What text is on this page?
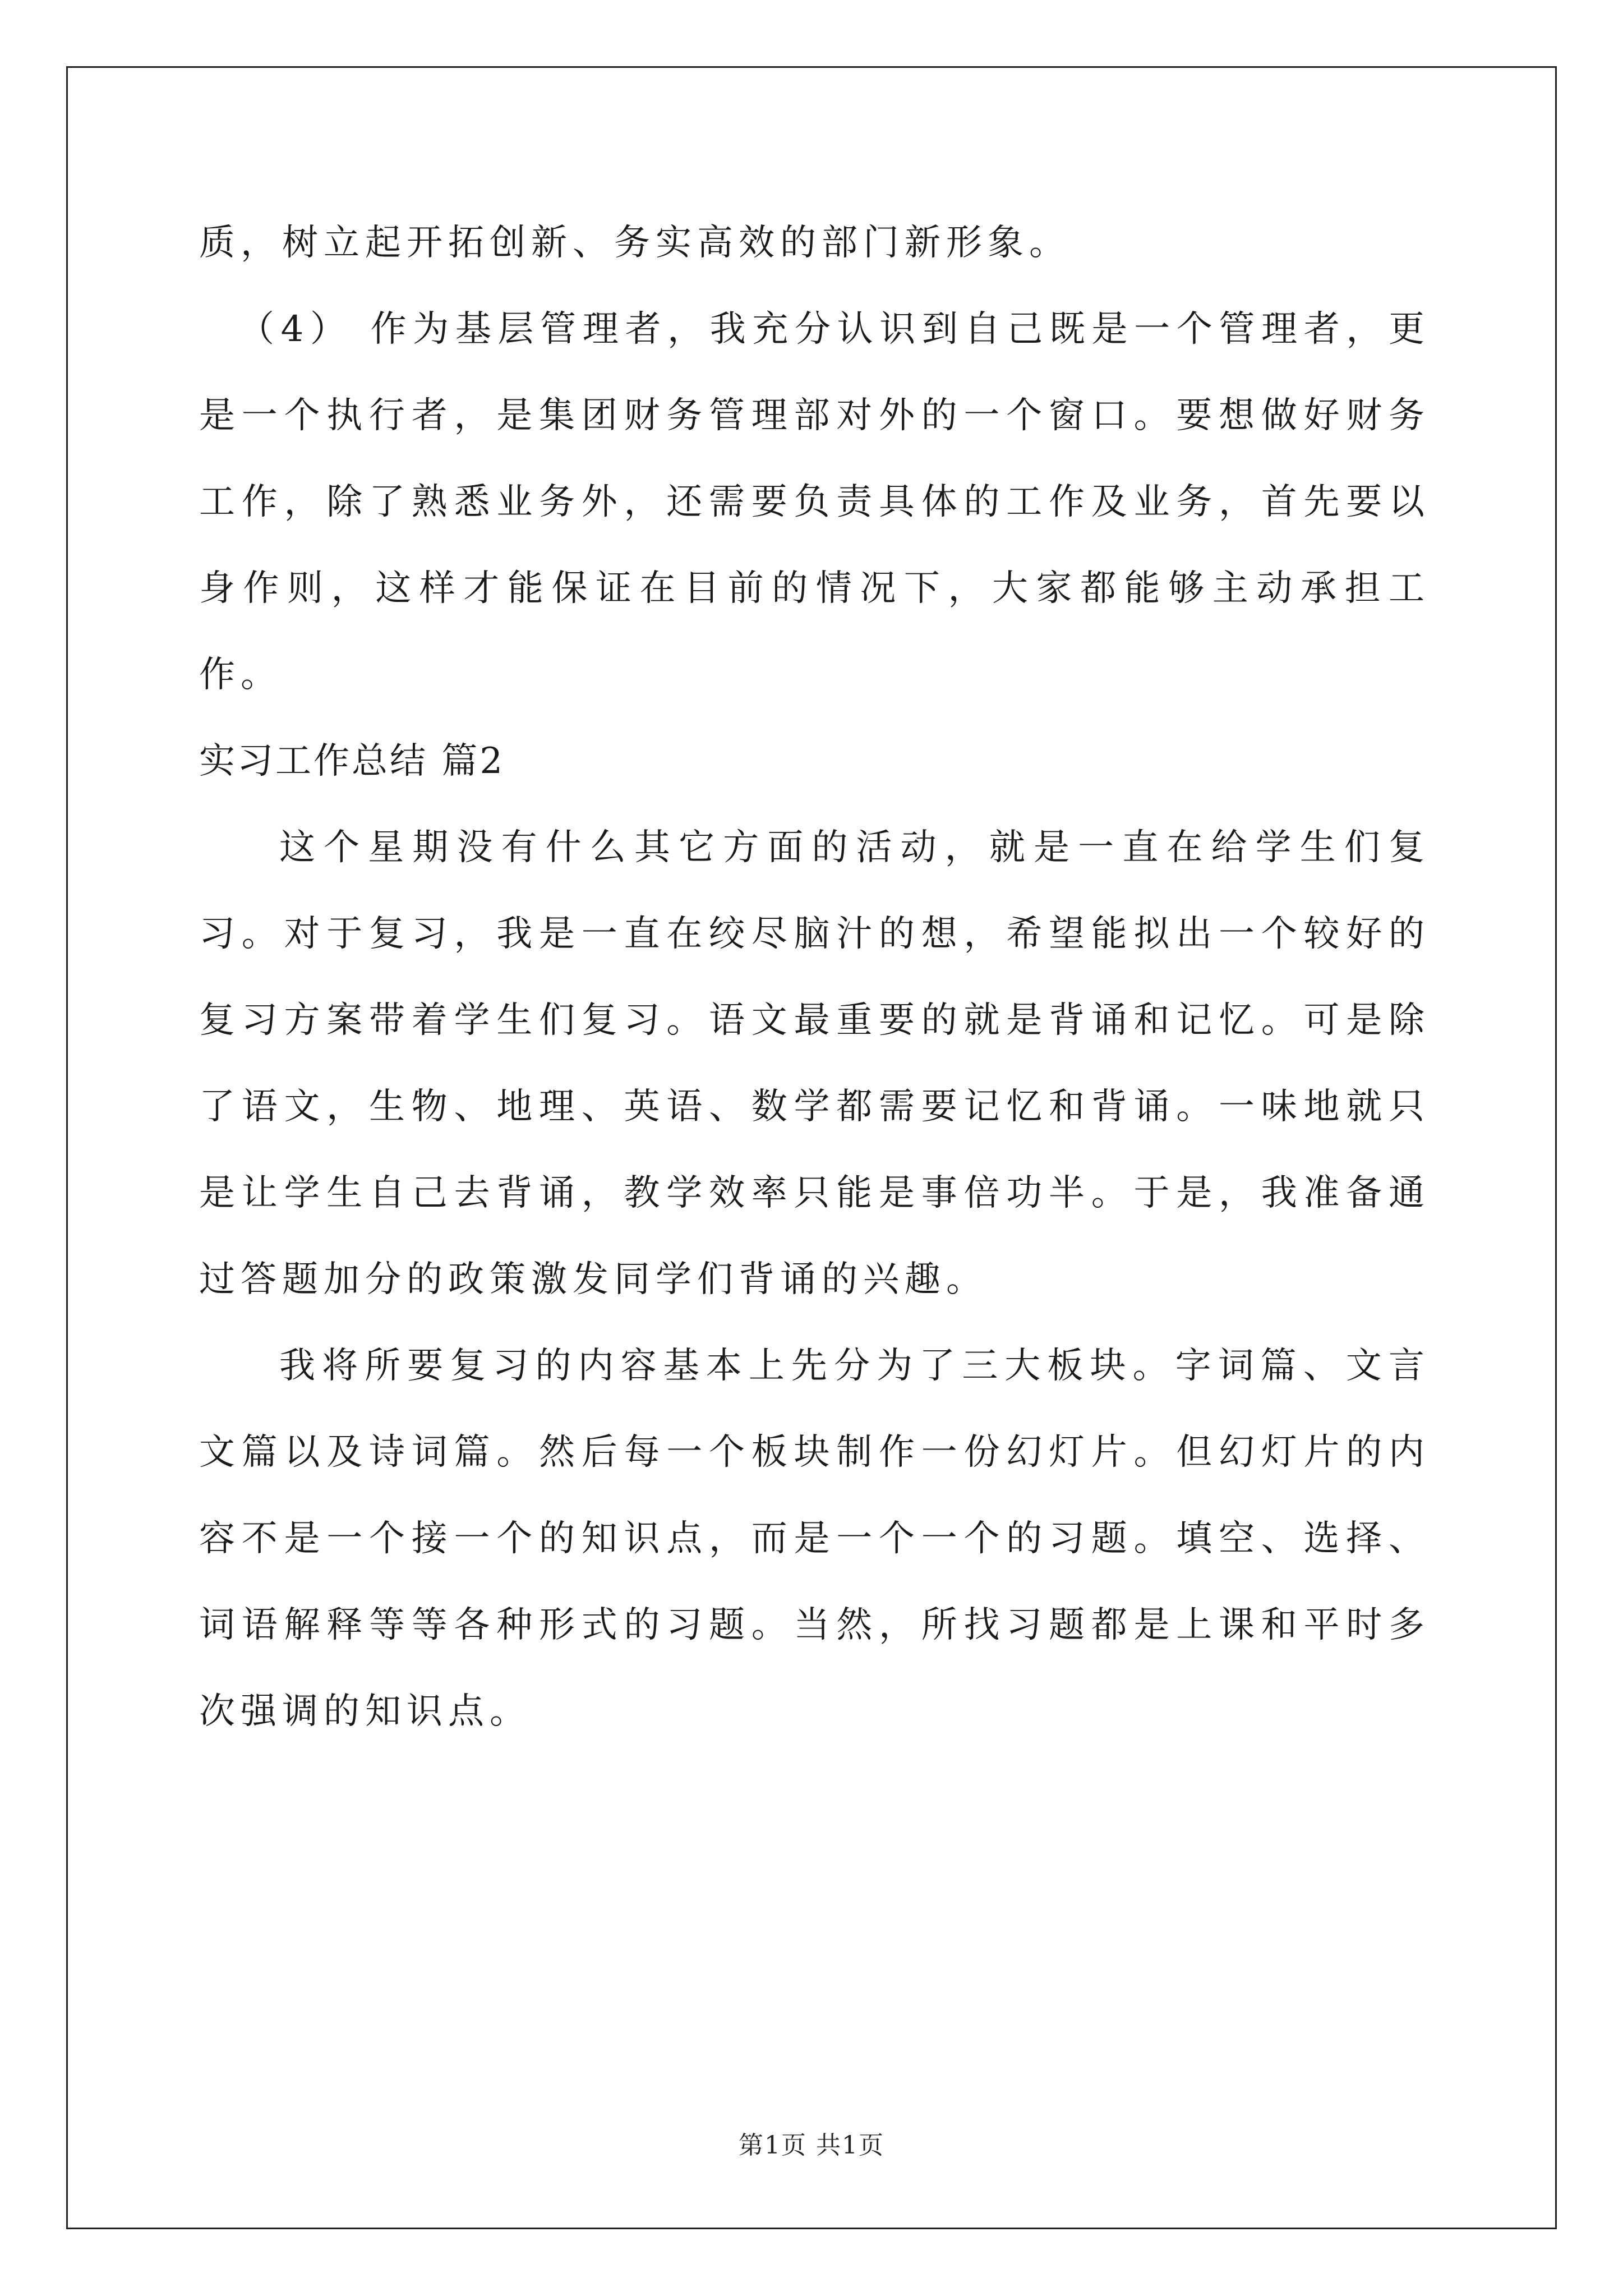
质，树立起开拓创新、务实高效的部门新形象。

（4） 作为基层管理者，我充分认识到自己既是一个管理者，更是一个执行者，是集团财务管理部对外的一个窗口。要想做好财务工作，除了熟悉业务外，还需要负责具体的工作及业务，首先要以身作则，这样才能保证在目前的情况下，大家都能够主动承担工作。

实习工作总结 篇2

这个星期没有什么其它方面的活动，就是一直在给学生们复习。对于复习，我是一直在绞尽脑汁的想，希望能拟出一个较好的复习方案带着学生们复习。语文最重要的就是背诵和记忆。可是除了语文，生物、地理、英语、数学都需要记忆和背诵。一味地就只是让学生自己去背诵，教学效率只能是事倍功半。于是，我准备通过答题加分的政策激发同学们背诵的兴趣。

我将所要复习的内容基本上先分为了三大板块。字词篇、文言文篇以及诗词篇。然后每一个板块制作一份幻灯片。但幻灯片的内容不是一个接一个的知识点，而是一个一个的习题。填空、选择、词语解释等等各种形式的习题。当然，所找习题都是上课和平时多次强调的知识点。

第1页 共1页
